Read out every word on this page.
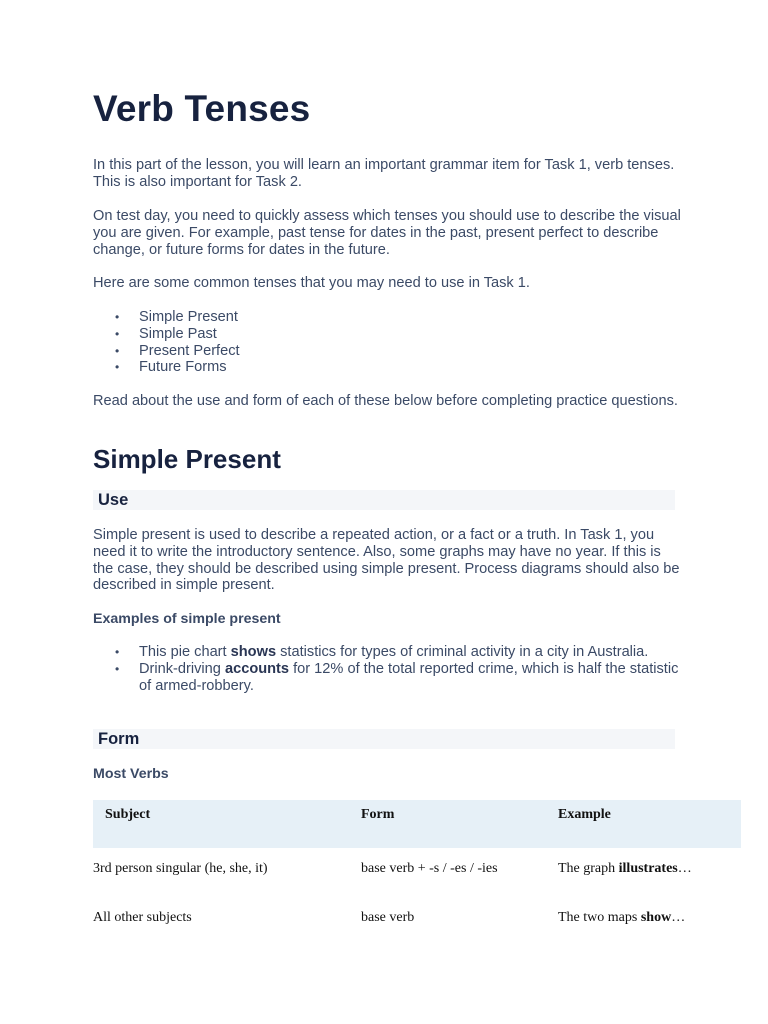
Verb Tenses

In this part of the lesson, you will learn an important grammar item for Task 1, verb tenses. This is also important for Task 2.

On test day, you need to quickly assess which tenses you should use to describe the visual you are given. For example, past tense for dates in the past, present perfect to describe change, or future forms for dates in the future.

Here are some common tenses that you may need to use in Task 1.

• Simple Present
• Simple Past
• Present Perfect
• Future Forms

Read about the use and form of each of these below before completing practice questions.

Simple Present
Use

Simple present is used to describe a repeated action, or a fact or a truth. In Task 1, you need it to write the introductory sentence. Also, some graphs may have no year. If this is the case, they should be described using simple present. Process diagrams should also be described in simple present.

Examples of simple present
• This pie chart shows statistics for types of criminal activity in a city in Australia.
• Drink-driving accounts for 12% of the total reported crime, which is half the statistic of armed-robbery.
Form
Most Verbs
Subject	Form	Example
3rd person singular (he, she, it)	base verb + -s / -es / -ies	The graph illustrates…
All other subjects	base verb	The two maps show…
